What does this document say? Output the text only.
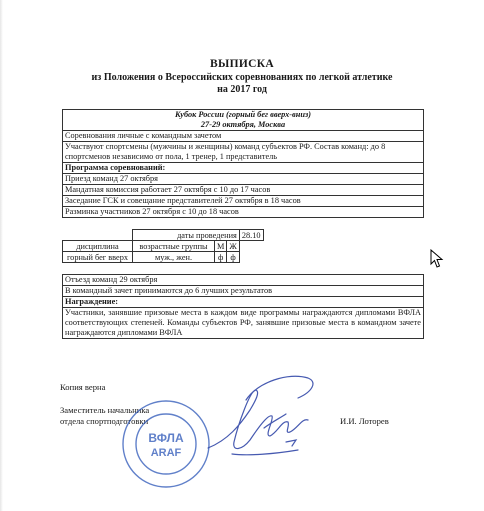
ВЫПИСКА
из Положения о Всероссийских соревнованиях по легкой атлетике
на 2017 год
Кубок России (горный бег вверх-вниз)
27-29 октября, Москва
Соревнования личные с командным зачетом
Участвуют спортсмены (мужчины и женщины) команд субъектов РФ. Состав команд: до 8 спортсменов независимо от пола, 1 тренер, 1 представитель
Программа соревнований:
Приезд команд 27 октября
Мандатная комиссия работает 27 октября с 10 до 17 часов
Заседание ГСК и совещание представителей 27 октября в 18 часов
Разминка участников 27 октября с 10 до 18 часов
	даты проведения			28.10
дисциплина	возрастные группы	М	Ж	
горный бег вверх	муж., жен.	ф	ф	
Отъезд команд 29 октября
В командный зачет принимаются до 6 лучших результатов
Награждение:
Участники, занявшие призовые места в каждом виде программы награждаются дипломами ВФЛА соответствующих степеней. Команды субъектов РФ, занявшие призовые места в командном зачете награждаются дипломами ВФЛА
Копия верна
Заместитель начальника
отдела спортподготовки	И.И. Лоторев
ВФЛА
ARAF
